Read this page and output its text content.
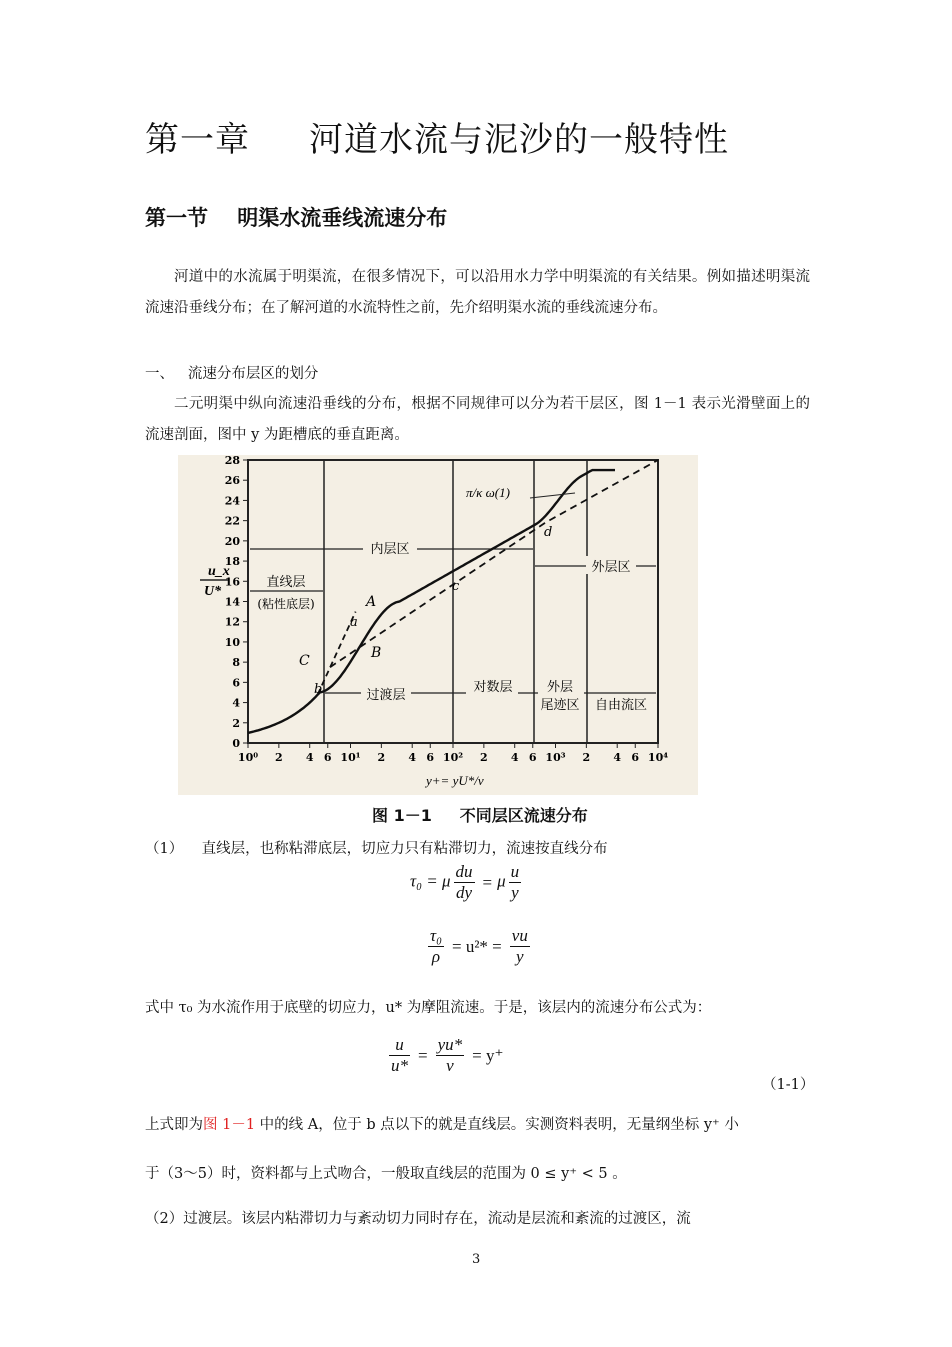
第一章     河道水流与泥沙的一般特性
第一节    明渠水流垂线流速分布
河道中的水流属于明渠流，在很多情况下，可以沿用水力学中明渠流的有关结果。例如描述明渠流流速沿垂线分布；在了解河道的水流特性之前，先介绍明渠水流的垂线流速分布。
一、   流速分布层区的划分
二元明渠中纵向流速沿垂线的分布，根据不同规律可以分为若干层区，图 1－1 表示光滑壁面上的流速剖面，图中 y 为距槽底的垂直距离。
0
2
4
6
8
10
12
14
16
18
20
22
24
26
28
10⁰ 2 4 6 10¹ 2 4 6 10² 2 4 6 10³ 2 4 6 10⁴
u_x
U*
内层区
外层区
直线层
(粘性底层)
过渡层
对数层	外层
尾迹区 自由流区
A
a
B
b
C
c
d
π/κ ω(1)
y+= yU*/ν
图 1－1     不同层区流速分布
（1）    直线层，也称粘滞底层，切应力只有粘滞切力，流速按直线分布
τ₀ = μ $\frac{du}{dy} = \mu \frac{u}{y}$
$\frac{\text{τ₀}}{\rho} = u^2* = \frac{\nu u}{y}$
式中 τ₀ 为水流作用于底壁的切应力，u* 为摩阻流速。于是，该层内的流速分布公式为：
$\frac{u}{u*} = \frac{yu*}{\nu} = y^+$
（1-1）
上式即为图 1－1 中的线 A，位于 b 点以下的就是直线层。实测资料表明，无量纲坐标 y⁺ 小
于（3～5）时，资料都与上式吻合，一般取直线层的范围为 0 ≤ y⁺ < 5 。
（2）过渡层。该层内粘滞切力与紊动切力同时存在，流动是层流和紊流的过渡区，流
3
